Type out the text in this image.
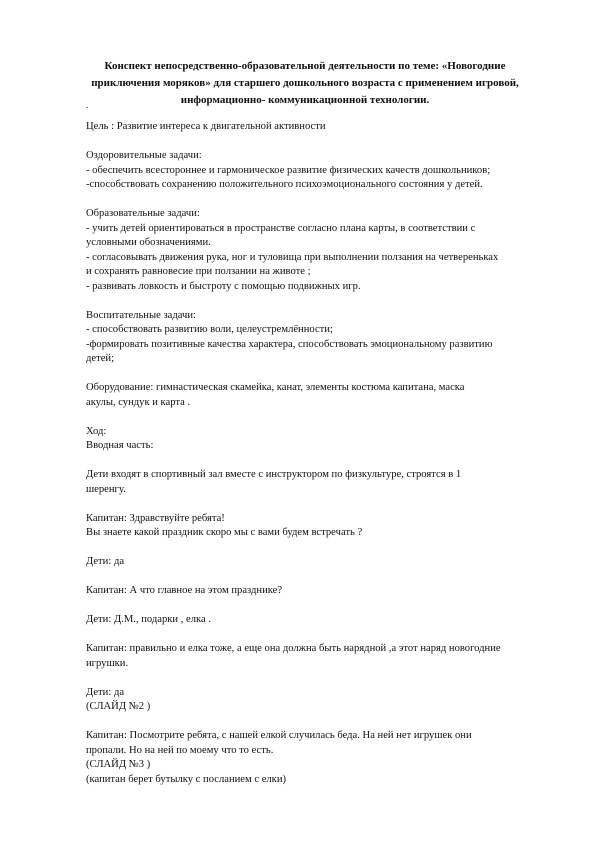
Конспект непосредственно-образовательной деятельности по теме: «Новогодние
приключения моряков» для старшего дошкольного возраста с применением игровой,
информационно- коммуникационной технологии.
.
Цель : Развитие интереса к двигательной активности
Оздоровительные задачи:
- обеспечить всестороннее и гармоническое развитие физических качеств дошкольников;
-способствовать сохранению положительного психоэмоционального состояния у детей.
Образовательные задачи:
- учить детей ориентироваться в пространстве согласно плана карты, в соответствии с
условными обозначениями.
- согласовывать движения рука, ног и туловища при выполнении ползания на четвереньках
и сохранять равновесие при ползании на животе ;
- развивать ловкость и быстроту с помощью подвижных игр.
Воспитательные задачи:
- способствовать развитию воли, целеустремлённости;
-формировать позитивные качества характера, способствовать эмоциональному развитию
детей;
Оборудование: гимнастическая скамейка, канат, элементы костюма капитана, маска
акулы, сундук и карта .
Ход:
Вводная часть:
Дети входят в спортивный зал вместе с инструктором по физкультуре, строятся в 1
шеренгу.
Капитан: Здравствуйте ребята!
Вы знаете какой праздник скоро мы с вами будем встречать ?
Дети: да
Капитан: А что главное на этом празднике?
Дети: Д.М., подарки , елка .
Капитан: правильно и елка тоже, а еще она должна быть нарядной ,а этот наряд новогодние
игрушки.
Дети: да
(СЛАЙД №2 )
Капитан: Посмотрите ребята, с нашей елкой случилась беда. На ней нет игрушек они
пропали. Но на ней по моему что то есть.
(СЛАЙД №3 )
(капитан берет бутылку с посланием с елки)
